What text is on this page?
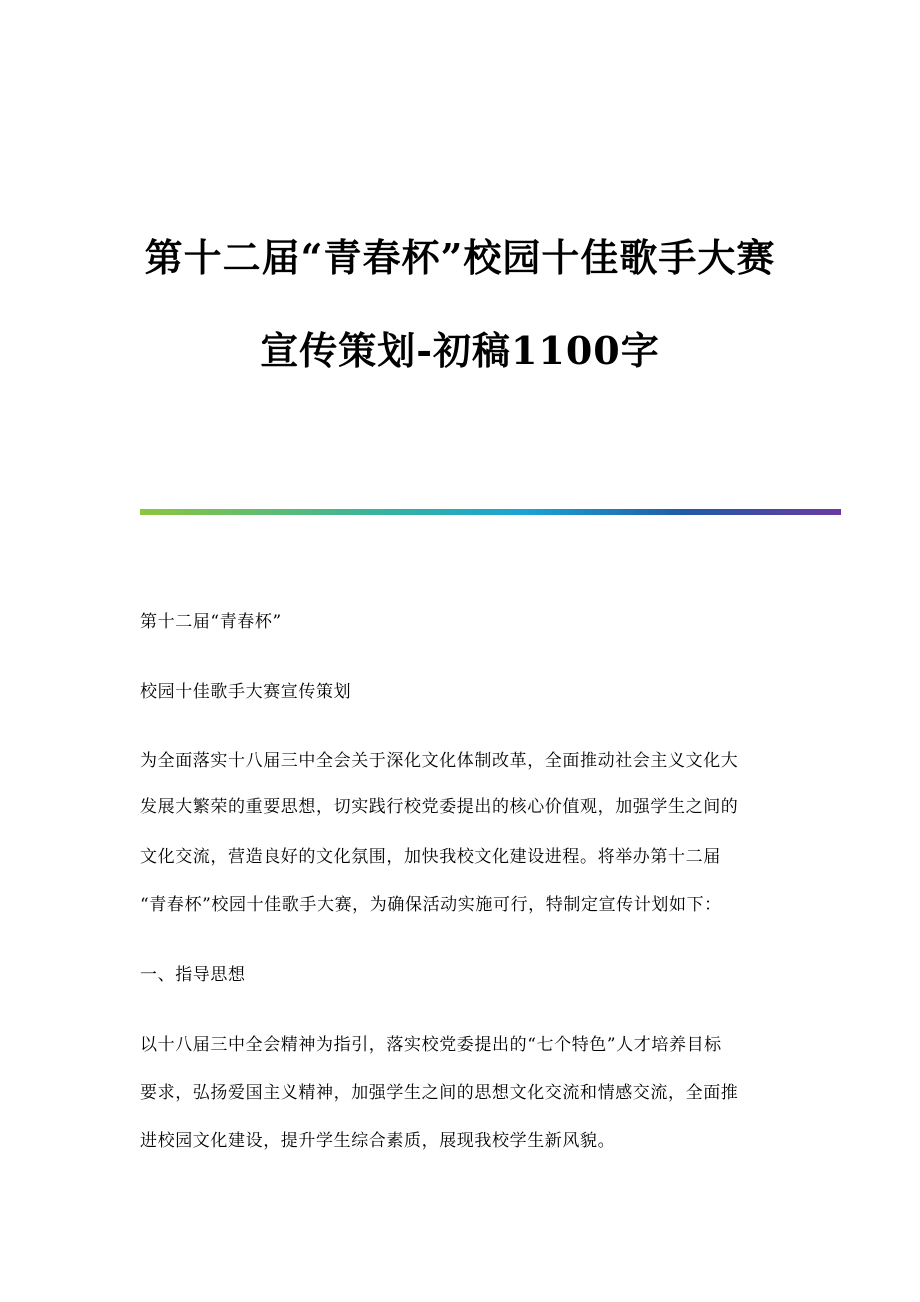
第十二届“青春杯”校园十佳歌手大赛
宣传策划-初稿1100字
第十二届“青春杯”
校园十佳歌手大赛宣传策划
为全面落实十八届三中全会关于深化文化体制改革，全面推动社会主义文化大
发展大繁荣的重要思想，切实践行校党委提出的核心价值观，加强学生之间的
文化交流，营造良好的文化氛围，加快我校文化建设进程。将举办第十二届
“青春杯”校园十佳歌手大赛，为确保活动实施可行，特制定宣传计划如下：
一、指导思想
以十八届三中全会精神为指引，落实校党委提出的“七个特色”人才培养目标
要求，弘扬爱国主义精神，加强学生之间的思想文化交流和情感交流，全面推
进校园文化建设，提升学生综合素质，展现我校学生新风貌。
